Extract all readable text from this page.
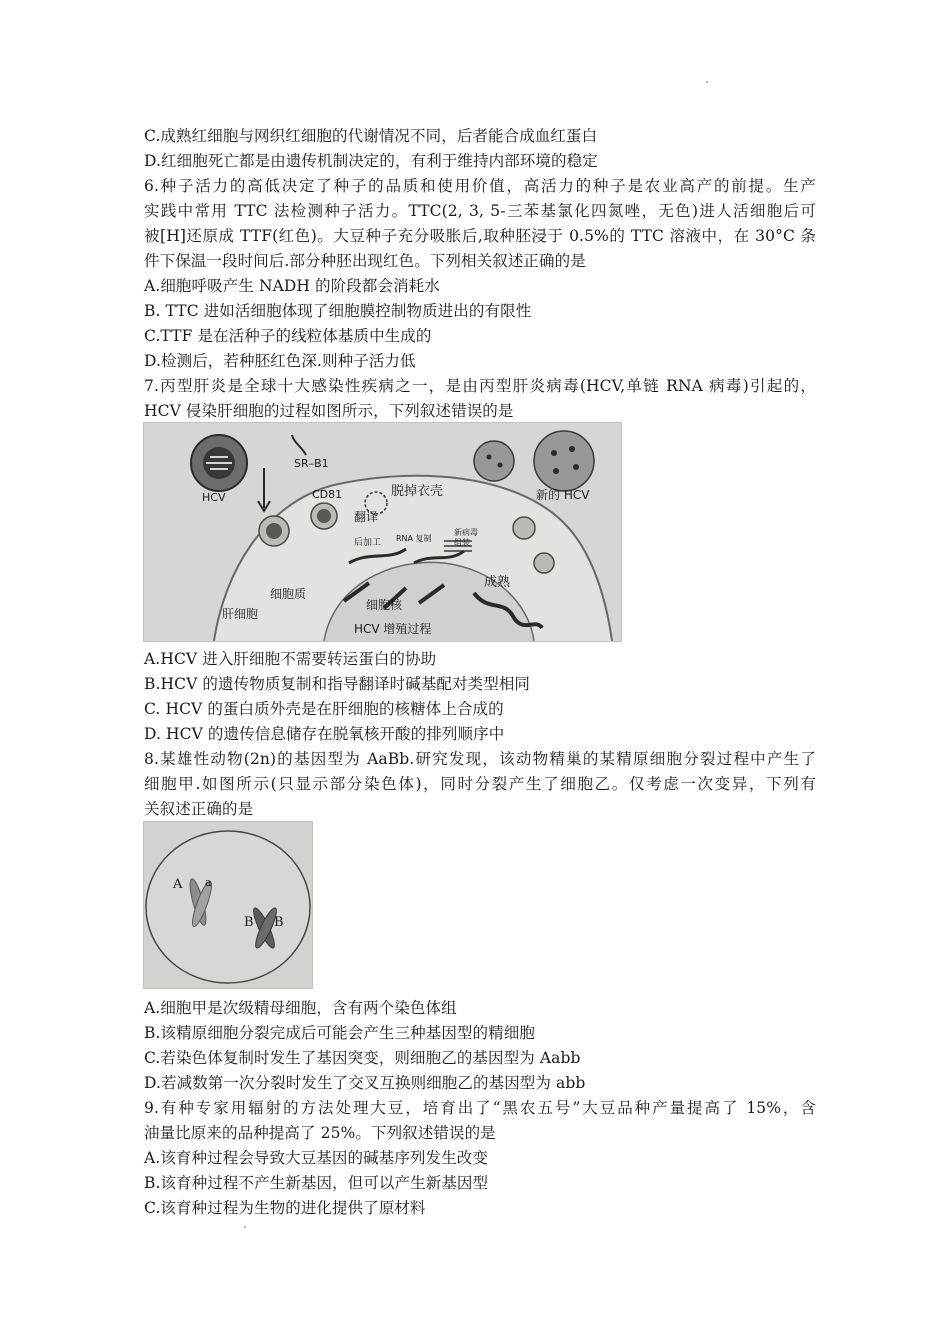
C.成熟红细胞与网织红细胞的代谢情况不同，后者能合成血红蛋白
D.红细胞死亡都是由遗传机制决定的，有利于维持内部环境的稳定
6.种子活力的高低决定了种子的品质和使用价值，高活力的种子是农业高产的前提。生产
实践中常用 TTC 法检测种子活力。TTC(2, 3, 5-三苯基氯化四氮唑，无色)进人活细胞后可
被[H]还原成 TTF(红色)。大豆种子充分吸胀后,取种胚浸于 0.5%的 TTC 溶液中，在 30°C 条
件下保温一段时间后.部分种胚出现红色。下列相关叙述正确的是
A.细胞呼吸产生 NADH 的阶段都会消耗水
B. TTC 进如活细胞体现了细胞膜控制物质进出的有限性
C.TTF 是在活种子的线粒体基质中生成的
D.检测后，若种胚红色深.则种子活力低
7.丙型肝炎是全球十大感染性疾病之一，是由丙型肝炎病毒(HCV,单链 RNA 病毒)引起的，
HCV 侵染肝细胞的过程如图所示，下列叙述错误的是
HCV
SR–B1
CD81	脱掉衣壳
翻译
RNA 复制
后加工
新病毒
组装
成熟
新的 HCV
细胞质
肝细胞
细胞核
HCV 增殖过程
A.HCV 进入肝细胞不需要转运蛋白的协助
B.HCV 的遗传物质复制和指导翻译时碱基配对类型相同
C. HCV 的蛋白质外壳是在肝细胞的核糖体上合成的
D. HCV 的遗传信息储存在脱氧核开酸的排列顺序中
8.某雄性动物(2n)的基因型为 AaBb.研究发现，该动物精巢的某精原细胞分裂过程中产生了
细胞甲.如图所示(只显示部分染色体)，同时分裂产生了细胞乙。仅考虑一次变异，下列有
关叙述正确的是
A a
B B
A.细胞甲是次级精母细胞，含有两个染色体组
B.该精原细胞分裂完成后可能会产生三种基因型的精细胞
C.若染色体复制时发生了基因突变，则细胞乙的基因型为 Aabb
D.若减数第一次分裂时发生了交叉互换则细胞乙的基因型为 abb
9.有种专家用辐射的方法处理大豆，培育出了“黑农五号”大豆品种产量提高了 15%，含
油量比原来的品种提高了 25%。下列叙述错误的是
A.该育种过程会导致大豆基因的碱基序列发生改变
B.该育种过程不产生新基因，但可以产生新基因型
C.该育种过程为生物的进化提供了原材料
